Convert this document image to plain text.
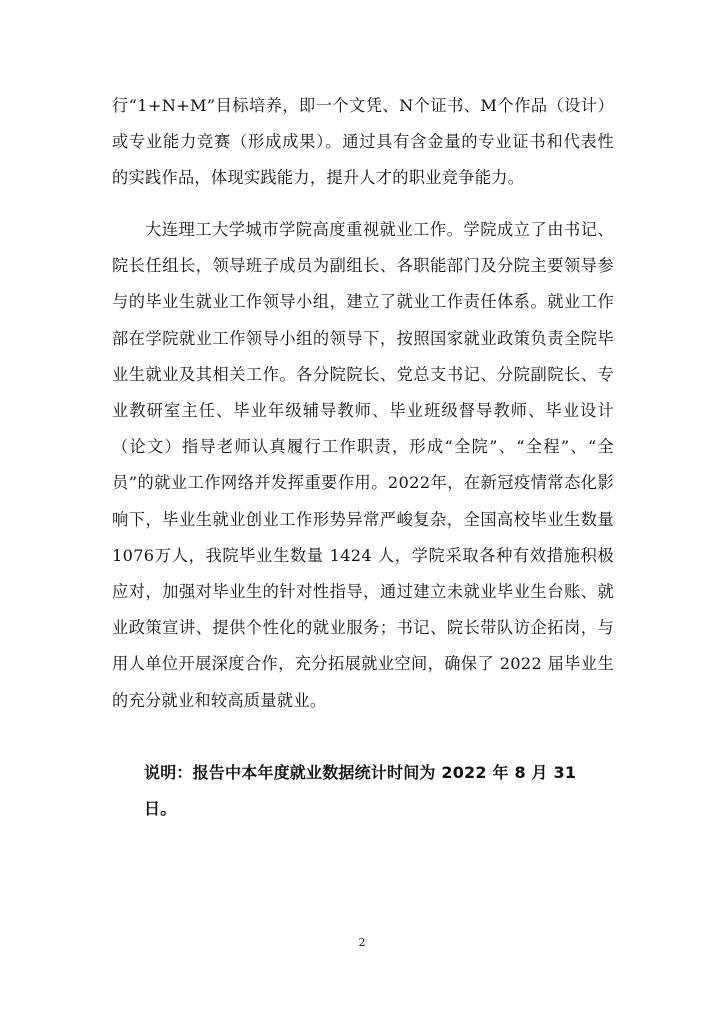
行“1+N+M”目标培养，即一个文凭、N个证书、M个作品（设计）或专业能力竞赛（形成成果）。通过具有含金量的专业证书和代表性的实践作品，体现实践能力，提升人才的职业竞争能力。
大连理工大学城市学院高度重视就业工作。学院成立了由书记、院长任组长，领导班子成员为副组长、各职能部门及分院主要领导参与的毕业生就业工作领导小组，建立了就业工作责任体系。就业工作部在学院就业工作领导小组的领导下，按照国家就业政策负责全院毕业生就业及其相关工作。各分院院长、党总支书记、分院副院长、专业教研室主任、毕业年级辅导教师、毕业班级督导教师、毕业设计（论文）指导老师认真履行工作职责，形成“全院”、“全程”、“全员”的就业工作网络并发挥重要作用。2022年，在新冠疫情常态化影响下，毕业生就业创业工作形势异常严峻复杂，全国高校毕业生数量 1076万人，我院毕业生数量 1424 人，学院采取各种有效措施积极应对，加强对毕业生的针对性指导，通过建立未就业毕业生台账、就业政策宣讲、提供个性化的就业服务；书记、院长带队访企拓岗，与用人单位开展深度合作，充分拓展就业空间，确保了 2022 届毕业生的充分就业和较高质量就业。
说明：报告中本年度就业数据统计时间为 2022 年 8 月 31 日。
2
